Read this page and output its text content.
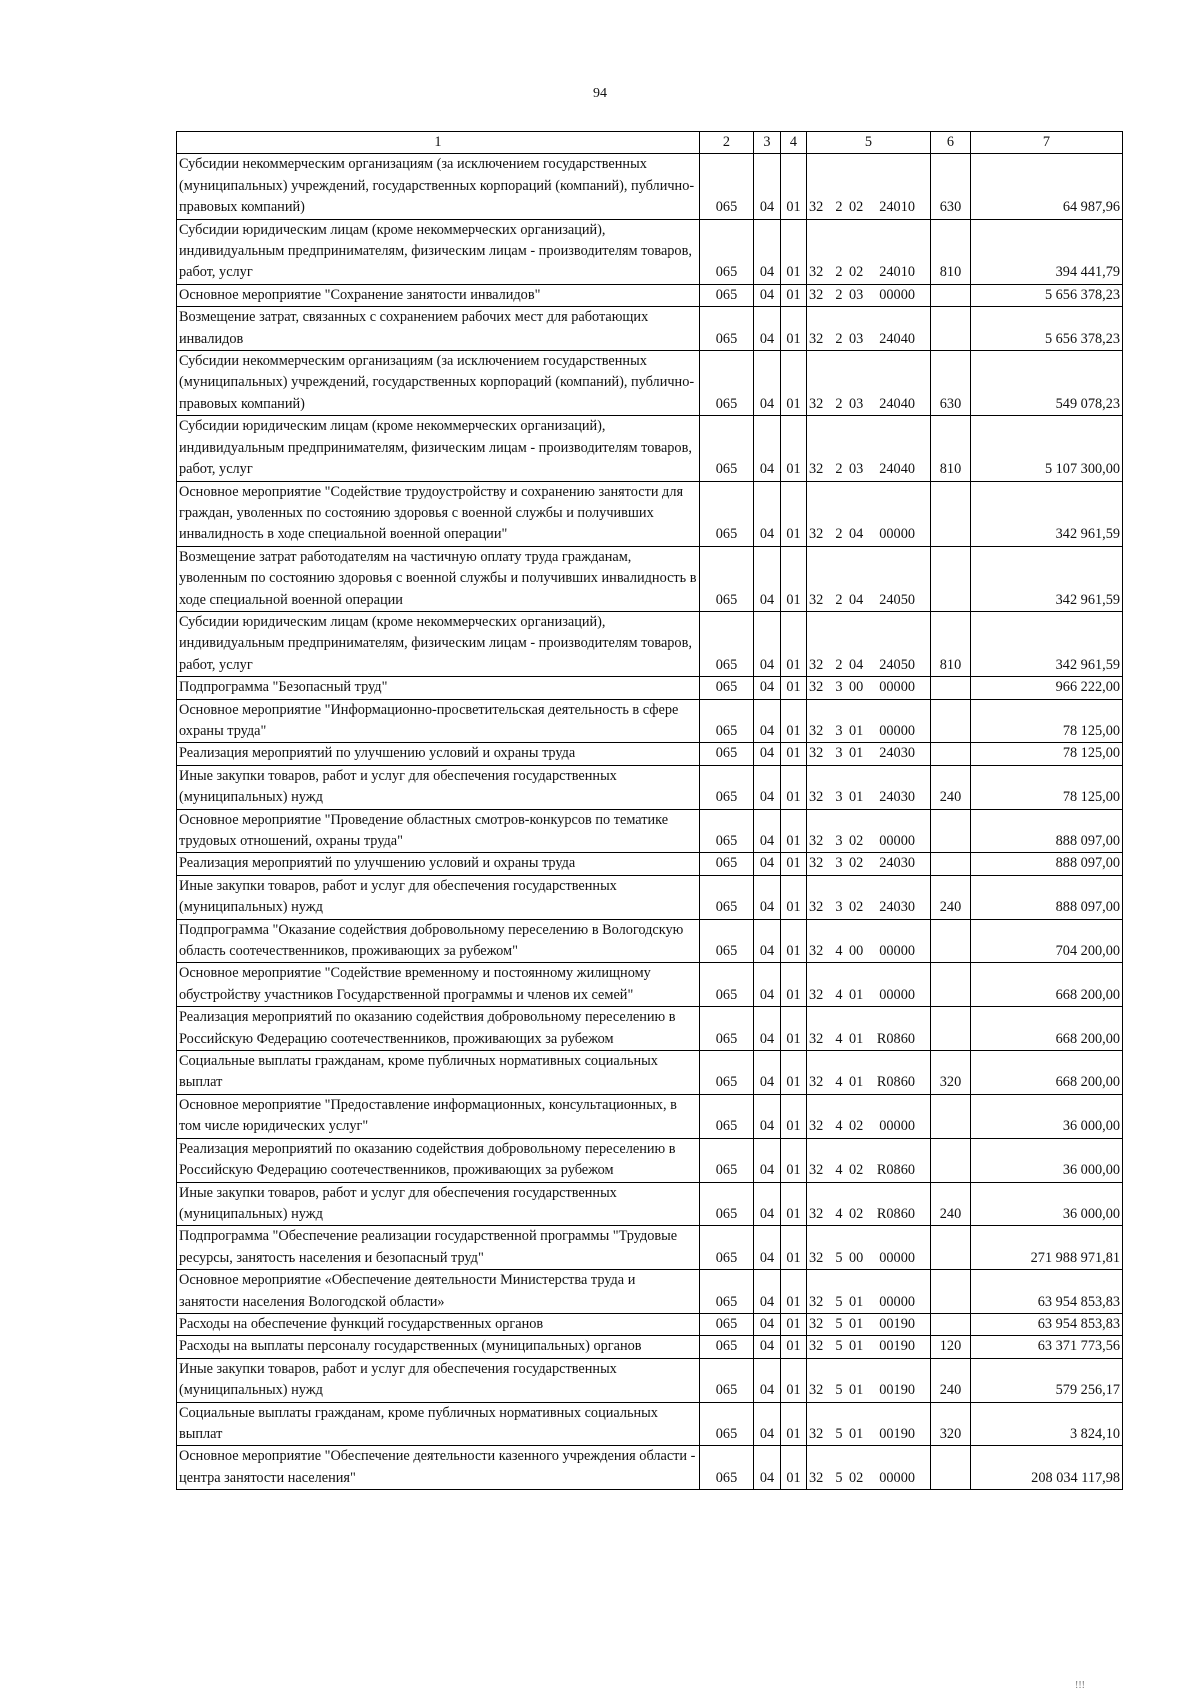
94
1	2	3	4	5	6	7
Субсидии некоммерческим организациям (за исключением государственных (муниципальных) учреждений, государственных корпораций (компаний), публично-правовых компаний)	065	04	01	32 2 02 24010	630	64 987,96
Субсидии юридическим лицам (кроме некоммерческих организаций), индивидуальным предпринимателям, физическим лицам - производителям товаров, работ, услуг	065	04	01	32 2 02 24010	810	394 441,79
Основное мероприятие "Сохранение занятости инвалидов"	065	04	01	32 2 03 00000		5 656 378,23
Возмещение затрат, связанных с сохранением рабочих мест для работающих инвалидов	065	04	01	32 2 03 24040		5 656 378,23
Субсидии некоммерческим организациям (за исключением государственных (муниципальных) учреждений, государственных корпораций (компаний), публично-правовых компаний)	065	04	01	32 2 03 24040	630	549 078,23
Субсидии юридическим лицам (кроме некоммерческих организаций), индивидуальным предпринимателям, физическим лицам - производителям товаров, работ, услуг	065	04	01	32 2 03 24040	810	5 107 300,00
Основное мероприятие "Содействие трудоустройству и сохранению занятости для граждан, уволенных по состоянию здоровья с военной службы и получивших инвалидность в ходе специальной военной операции"	065	04	01	32 2 04 00000		342 961,59
Возмещение затрат работодателям на частичную оплату труда гражданам, уволенным по состоянию здоровья с военной службы и получивших инвалидность в ходе специальной военной операции	065	04	01	32 2 04 24050		342 961,59
Субсидии юридическим лицам (кроме некоммерческих организаций), индивидуальным предпринимателям, физическим лицам - производителям товаров, работ, услуг	065	04	01	32 2 04 24050	810	342 961,59
Подпрограмма "Безопасный труд"	065	04	01	32 3 00 00000		966 222,00
Основное мероприятие "Информационно-просветительская деятельность в сфере охраны труда"	065	04	01	32 3 01 00000		78 125,00
Реализация мероприятий по улучшению условий и охраны труда	065	04	01	32 3 01 24030		78 125,00
Иные закупки товаров, работ и услуг для обеспечения государственных (муниципальных) нужд	065	04	01	32 3 01 24030	240	78 125,00
Основное мероприятие "Проведение областных смотров-конкурсов по тематике трудовых отношений, охраны труда"	065	04	01	32 3 02 00000		888 097,00
Реализация мероприятий по улучшению условий и охраны труда	065	04	01	32 3 02 24030		888 097,00
Иные закупки товаров, работ и услуг для обеспечения государственных (муниципальных) нужд	065	04	01	32 3 02 24030	240	888 097,00
Подпрограмма "Оказание содействия добровольному переселению в Вологодскую область соотечественников, проживающих за рубежом"	065	04	01	32 4 00 00000		704 200,00
Основное мероприятие "Содействие временному и постоянному жилищному обустройству участников Государственной программы и членов их семей"	065	04	01	32 4 01 00000		668 200,00
Реализация мероприятий по оказанию содействия добровольному переселению в Российскую Федерацию соотечественников, проживающих за рубежом	065	04	01	32 4 01 R0860		668 200,00
Социальные выплаты гражданам, кроме публичных нормативных социальных выплат	065	04	01	32 4 01 R0860	320	668 200,00
Основное мероприятие "Предоставление информационных, консультационных, в том числе юридических услуг"	065	04	01	32 4 02 00000		36 000,00
Реализация мероприятий по оказанию содействия добровольному переселению в Российскую Федерацию соотечественников, проживающих за рубежом	065	04	01	32 4 02 R0860		36 000,00
Иные закупки товаров, работ и услуг для обеспечения государственных (муниципальных) нужд	065	04	01	32 4 02 R0860	240	36 000,00
Подпрограмма "Обеспечение реализации государственной программы "Трудовые ресурсы, занятость населения и безопасный труд"	065	04	01	32 5 00 00000		271 988 971,81
Основное мероприятие «Обеспечение деятельности Министерства труда и занятости населения Вологодской области»	065	04	01	32 5 01 00000		63 954 853,83
Расходы на обеспечение функций государственных органов	065	04	01	32 5 01 00190		63 954 853,83
Расходы на выплаты персоналу государственных (муниципальных) органов	065	04	01	32 5 01 00190	120	63 371 773,56
Иные закупки товаров, работ и услуг для обеспечения государственных (муниципальных) нужд	065	04	01	32 5 01 00190	240	579 256,17
Социальные выплаты гражданам, кроме публичных нормативных социальных выплат	065	04	01	32 5 01 00190	320	3 824,10
Основное мероприятие "Обеспечение деятельности казенного учреждения области - центра занятости населения"	065	04	01	32 5 02 00000		208 034 117,98
!!!
